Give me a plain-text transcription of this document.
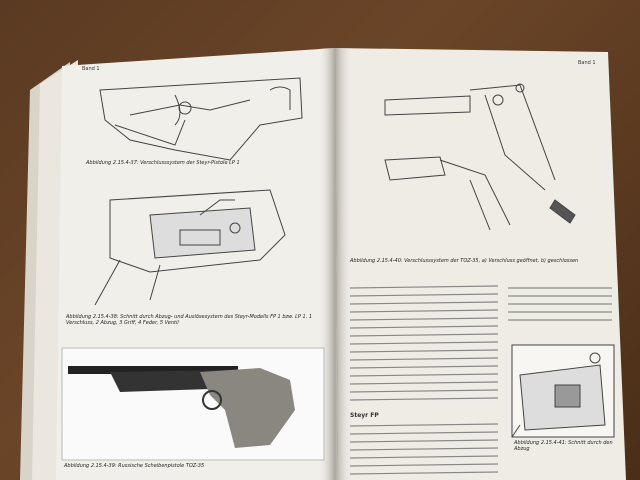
Band 1
Band 1
Abbildung 2.15.4-37: Verschlusssystem der Steyr-Pistole LP 1
Abbildung 2.15.4-38: Schnitt durch Abzug- und Auslösesystem des Steyr-Modells FP 1 bzw. LP 1. 1 Verschluss, 2 Abzug, 3 Griff, 4 Feder, 5 Ventil
Abbildung 2.15.4-39: Russische Scheibenpistole TOZ-35
Abbildung 2.15.4-40: Verschlusssystem der TOZ-35, a) Verschluss geöffnet, b) geschlossen
Abbildung 2.15.4-41: Schnitt durch den Abzug
Steyr FP
